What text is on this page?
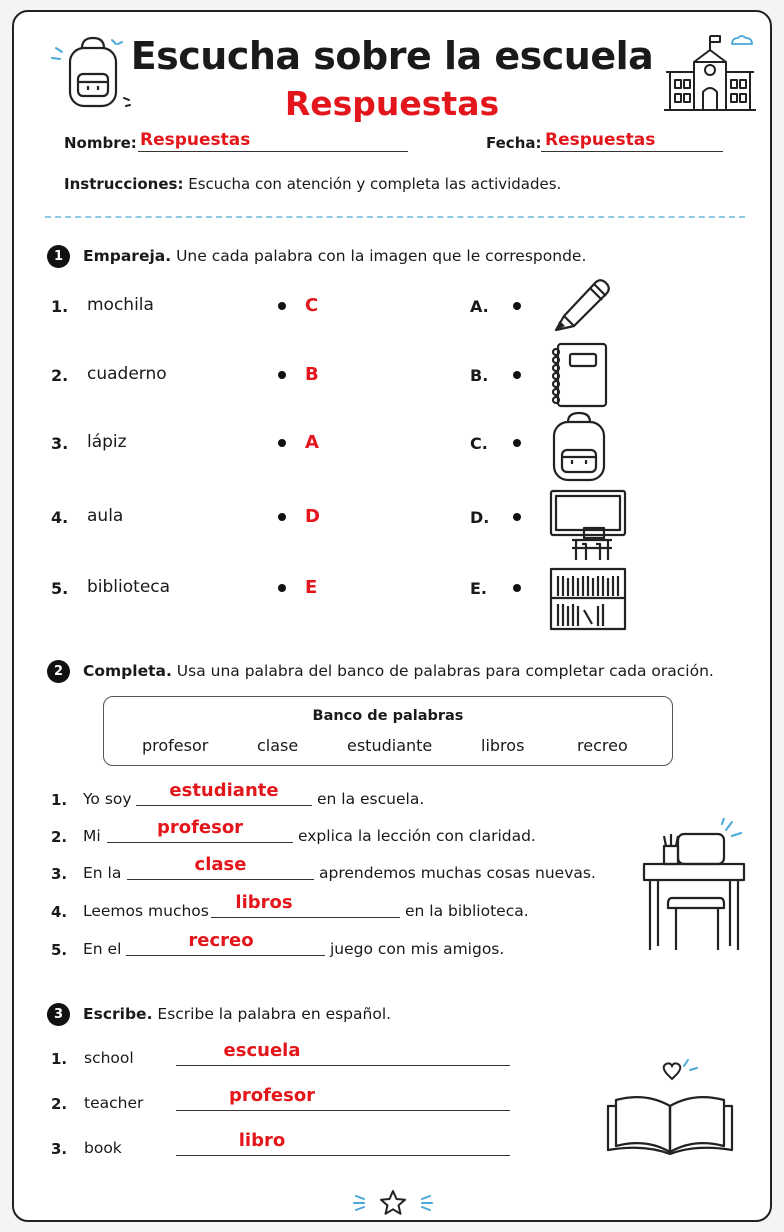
Escucha sobre la escuela
Respuestas
Nombre: Respuestas	Fecha: Respuestas
Instrucciones: Escucha con atención y completa las actividades.
1	Empareja. Une cada palabra con la imagen que le corresponde.
1. mochila	C	A.
2. cuaderno	B	B.
3. lápiz	A	C.
4. aula	D	D.
5. biblioteca	E	E.
2	Completa. Usa una palabra del banco de palabras para completar cada oración.
Banco de palabras
profesor	clase	estudiante	libros	recreo
1. Yo soy	estudiante	en la escuela.
2. Mi	profesor	explica la lección con claridad.
3. En la	clase	aprendemos muchas cosas nuevas.
4. Leemos muchos	libros	en la biblioteca.
5. En el	recreo	juego con mis amigos.
3	Escribe. Escribe la palabra en español.
1. school	escuela
2. teacher	profesor
3. book	libro
